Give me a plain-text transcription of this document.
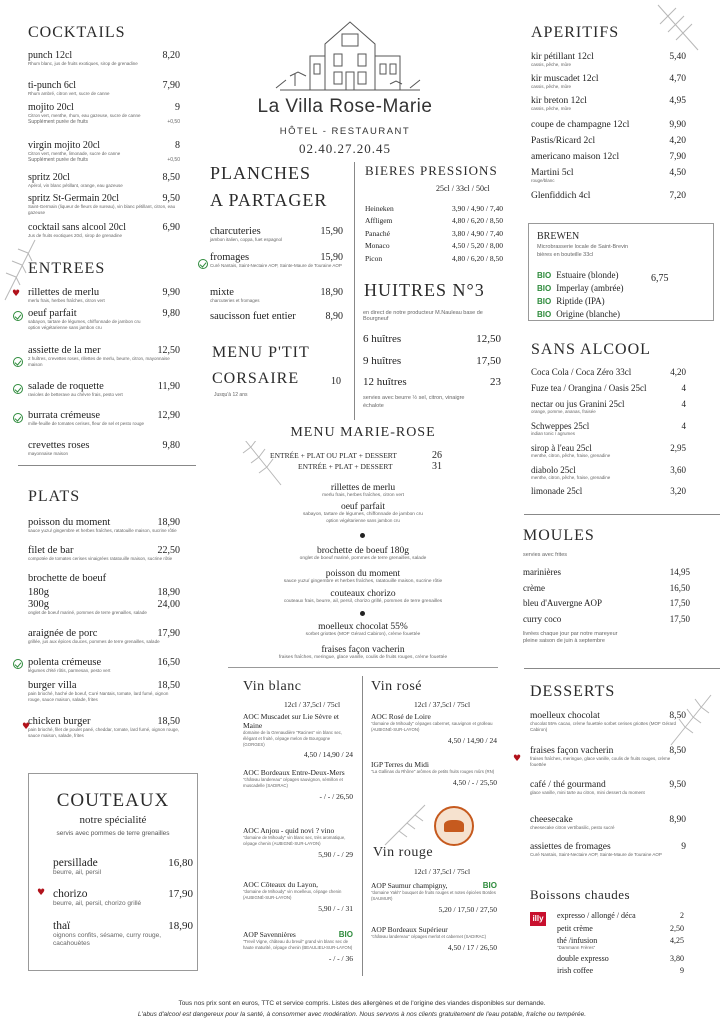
La Villa Rose-Marie
HÔTEL - RESTAURANT
02.40.27.20.45
COCKTAILS
punch 12cl	8,20
Rhum blanc, jus de fruits exotiques, sirop de grenadine
ti-punch 6cl	7,90
Rhum ambré, citron vert, sucre de canne
mojito 20cl	9
Citron vert, menthe, rhum, eau gazeuse, sucre de canne
Supplément purée de fruits	+0,50
virgin mojito 20cl	8
Citron vert, menthe, limonade, sucre de canne
Supplément purée de fruits	+0,50
spritz 20cl	8,50
Apérol, vin blanc pétillant, orange, eau gazeuse
spritz St-Germain 20cl	9,50
Saint-Germain (liqueur de fleurs de sureau), vin blanc pétillant, citron, eau gazeuse
cocktail sans alcool 20cl	6,90
Jus de fruits exotiques 20cl, sirop de grenadine
ENTREES
rillettes de merlu	9,90
merlu frais, herbes fraîches, citron vert
oeuf parfait	9,80
sabayon, tartare de légumes, chiffonnade de jambon cru
option végétarienne sans jambon cru
assiette de la mer	12,50
2 huîtres, crevettes roses, rillettes de merlu, beurre, citron, mayonnaise maison
salade de roquette	11,90
ravioles de betterave au chèvre frais, pesto vert
burrata crémeuse	12,90
mille-feuille de tomates cerises, fleur de sel et pesto rouge
crevettes roses	9,80
mayonnaise maison
PLATS
poisson du moment	18,90
sauce yuzu/ gingembre et herbes fraîches, ratatouille maison, sucrine rôtie
filet de bar	22,50
compotée de tomates cerises vinaigrées ratatouille maison, sucrine rôtie
brochette de boeuf
180g	18,90
300g	24,00
onglet de boeuf mariné, pommes de terre grenailles, salade
araignée de porc	17,90
grillée, jus aux épices douces, pommes de terre grenailles, salade
polenta crémeuse	16,50
légumes d'été rôtis, parmesan, pesto vert
burger villa	18,50
pain brioché, haché de boeuf, Curé Nantais, tomate, lard fumé, oignon rouge, sauce maison, salade, frites
chicken burger	18,50
pain brioché, filet de poulet pané, cheddar, tomate, lard fumé, oignon rouge, sauce maison, salade, frites
COUTEAUX
notre spécialité
servis avec pommes de terre grenailles
persillade	16,80
beurre, ail, persil
chorizo	17,90
beurre, ail, persil, chorizo grillé
thaï	18,90
oignons confits, sésame, curry rouge, cacahouètes
PLANCHES
A PARTAGER
charcuteries	15,90
jambon italien, coppa, fuet espagnol
fromages	15,90
Curé Nantais, Saint-Nectaire AOP, Sainte-Maure de Touraine AOP
mixte	18,90
charcuteries et fromages
saucisson fuet entier	8,90
MENU P'TIT
CORSAIRE	10
Jusqu'à 12 ans
BIERES PRESSIONS
25cl / 33cl / 50cl
Heineken	3,90 / 4,90 / 7,40
Affligem	4,80 / 6,20 / 8,50
Panaché	3,80 / 4,90 / 7,40
Monaco	4,50 / 5,20 / 8,00
Picon	4,80 / 6,20 / 8,50
HUITRES N°3
en direct de notre producteur M.Nauleau base de Bourgneuf
6 huîtres	12,50
9 huîtres	17,50
12 huîtres	23
servies avec beurre ½ sel, citron, vinaigre échalote
MENU MARIE-ROSE
ENTRÉE + PLAT OU PLAT + DESSERT	26
ENTRÉE + PLAT + DESSERT	31
rillettes de merlu
merlu frais, herbes fraîches, citron vert
oeuf parfait
sabayon, tartare de légumes, chiffonnade de jambon cru
option végétarienne sans jambon cru
brochette de boeuf 180g
onglet de boeuf mariné, pommes de terre grenailles, salade
poisson du moment
sauce yuzu/ gingembre et herbes fraîches, ratatouille maison, sucrine rôtie
couteaux chorizo
couteaux frais, beurre, ail, persil, chorizo grillé, pommes de terre grenailles
moelleux chocolat 55%
sorbet griottes (MOF Gérard Cabiron), crème fouettée
fraises façon vacherin
fraises fraîches, meringue, glace vanille, coulis de fruits rouges, crème fouettée
Vin blanc
12cl / 37,5cl / 75cl
AOC Muscadet sur Lie Sèvre et Maine
domaine de la Grenaudière "Racines" vin blanc sec, élégant et fruité, cépage melon de Bourgogne (GORGES)
4,50 / 14,90 / 24
AOC Bordeaux Entre-Deux-Mers
"château landereau" cépages sauvignon, sémillon et muscadelle (SADIRAC)
- / - / 26,50
AOC Anjou - quid novi ? vino
"domaine de Mihoudy" vin blanc sec, très aromatique, cépage chenin (AUBIGNÉ-SUR-LAYON)
5,90 / - / 29
AOC Côteaux du Layon,
"domaine de Mihoudy" vin moelleux, cépage chenin (AUBIGNÉ-SUR-LAYON)
5,90 / - / 31
AOP Savennières	BIO
"Trevil Vigne, château du breuil" grand vin blanc sec de haute maturité, cépage chenin (BEAULIEU-SUR-LAYON)
- / - / 36
Vin rosé
12cl / 37,5cl / 75cl
AOC Rosé de Loire
"domaine de Mihoudy" cépages cabernet, sauvignon et grolleau (AUBIGNÉ-SUR-LAYON)
4,50 / 14,90 / 24
IGP Terres du Midi
"La Gallinas du Rhône" arômes de petits fruits rouges mûrs (RN)
4,50 / - / 25,50
Vin rouge
12cl / 37,5cl / 75cl
AOP Saumur champigny,	BIO
"domaine Yakh" bouquet de fruits rouges et notes épicées Bordes (SAUMUR)
5,20 / 17,50 / 27,50
AOP Bordeaux Supérieur
"château landereau" cépages merlot et cabernet (SADIRAC)
4,50 / 17 / 26,50
APERITIFS
kir pétillant 12cl	5,40
cassis, pêche, mûre
kir muscadet 12cl	4,70
cassis, pêche, mûre
kir breton 12cl	4,95
cassis, pêche, mûre
coupe de champagne 12cl	9,90
Pastis/Ricard 2cl	4,20
americano maison 12cl	7,90
Martini 5cl	4,50
rouge/blanc
Glenfiddich 4cl	7,20
BREWEN
Microbrasserie locale de Saint-Brevin bières en bouteille 33cl
6,75
BIO Estuaire (blonde)
BIO Imperlay (ambrée)
BIO Riptide (IPA)
BIO Origine (blanche)
SANS ALCOOL
Coca Cola / Coca Zéro 33cl	4,20
Fuze tea / Orangina / Oasis 25cl	4
nectar ou jus Granini 25cl	4
orange, pomme, ananas, fraisée
Schweppes 25cl	4
indian tonic / agrumes
sirop à l'eau 25cl	2,95
menthe, citron, pêche, fraise, grenadine
diabolo 25cl	3,60
menthe, citron, pêche, fraise, grenadine
limonade 25cl	3,20
MOULES
servies avec frites
marinières	14,95
crème	16,50
bleu d'Auvergne AOP	17,50
curry coco	17,50
livrées chaque jour par notre mareyeur pleine saison de juin à septembre
DESSERTS
moelleux chocolat	8,50
chocolat 55% cacao, crème fouettée sorbet cerises griottes (MOF Gérard Cabiron)
fraises façon vacherin	8,50
fraises fraîches, meringue, glace vanille, coulis de fruits rouges, crème fouettée
café / thé gourmand	9,50
glace vanille, mini tarte au citron, mini dessert du moment
cheesecake	8,90
cheesecake citron vert/basilic, pesto sucré
assiettes de fromages	9
Curé Nantais, Saint-Nectaire AOP, Sainte-Maure de Touraine AOP
Boissons chaudes
illy	expresso / allongé / déca	2
petit crème	2,50
thé /infusion	4,25
"Dammann Frères"
double expresso	3,80
irish coffee	9
Tous nos prix sont en euros, TTC et service compris. Listes des allergènes et de l'origine des viandes disponibles sur demande.
L'abus d'alcool est dangereux pour la santé, à consommer avec modération. Nous servons à nos clients gratuitement de l'eau potable, fraîche ou tempérée.
♥
♥
♥
♥
